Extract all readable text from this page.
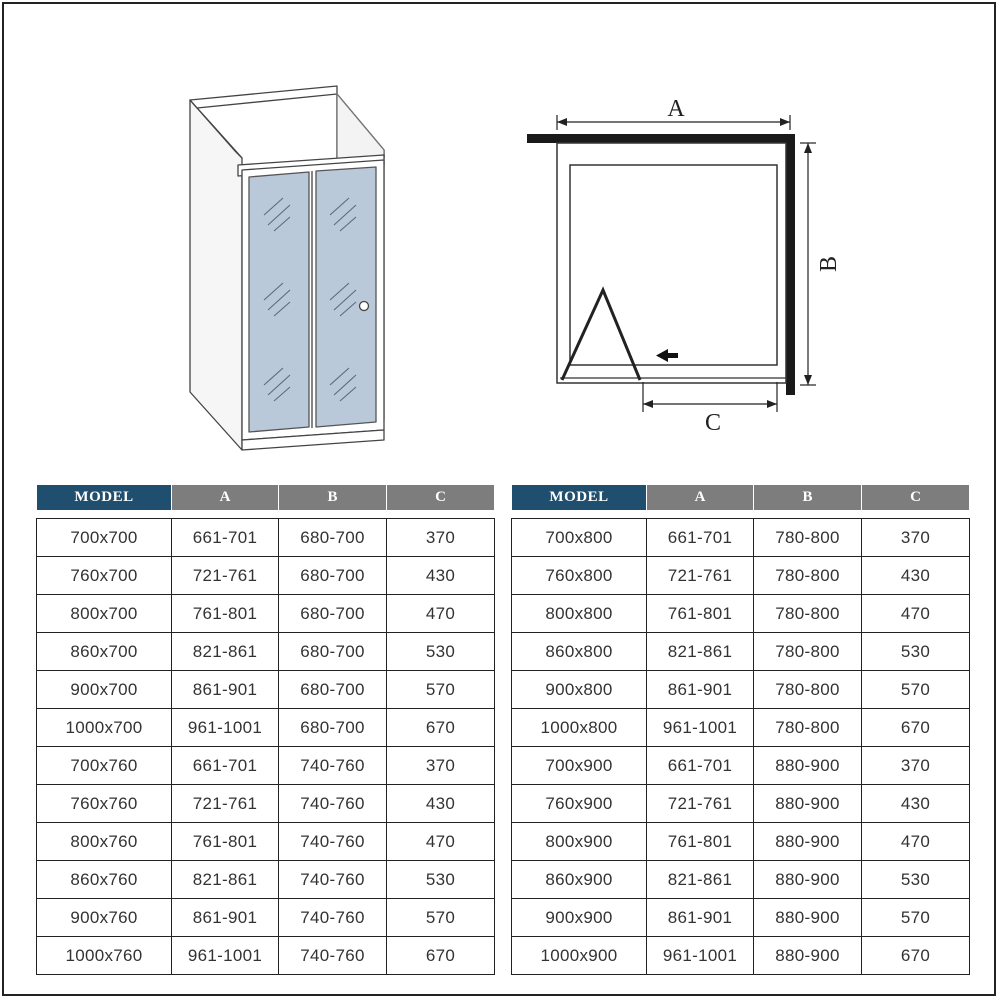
A
B
C
MODEL	A	B	C

700x700	661-701	680-700	370
760x700	721-761	680-700	430
800x700	761-801	680-700	470
860x700	821-861	680-700	530
900x700	861-901	680-700	570
1000x700	961-1001	680-700	670
700x760	661-701	740-760	370
760x760	721-761	740-760	430
800x760	761-801	740-760	470
860x760	821-861	740-760	530
900x760	861-901	740-760	570
1000x760	961-1001	740-760	670
MODEL	A	B	C

700x800	661-701	780-800	370
760x800	721-761	780-800	430
800x800	761-801	780-800	470
860x800	821-861	780-800	530
900x800	861-901	780-800	570
1000x800	961-1001	780-800	670
700x900	661-701	880-900	370
760x900	721-761	880-900	430
800x900	761-801	880-900	470
860x900	821-861	880-900	530
900x900	861-901	880-900	570
1000x900	961-1001	880-900	670
